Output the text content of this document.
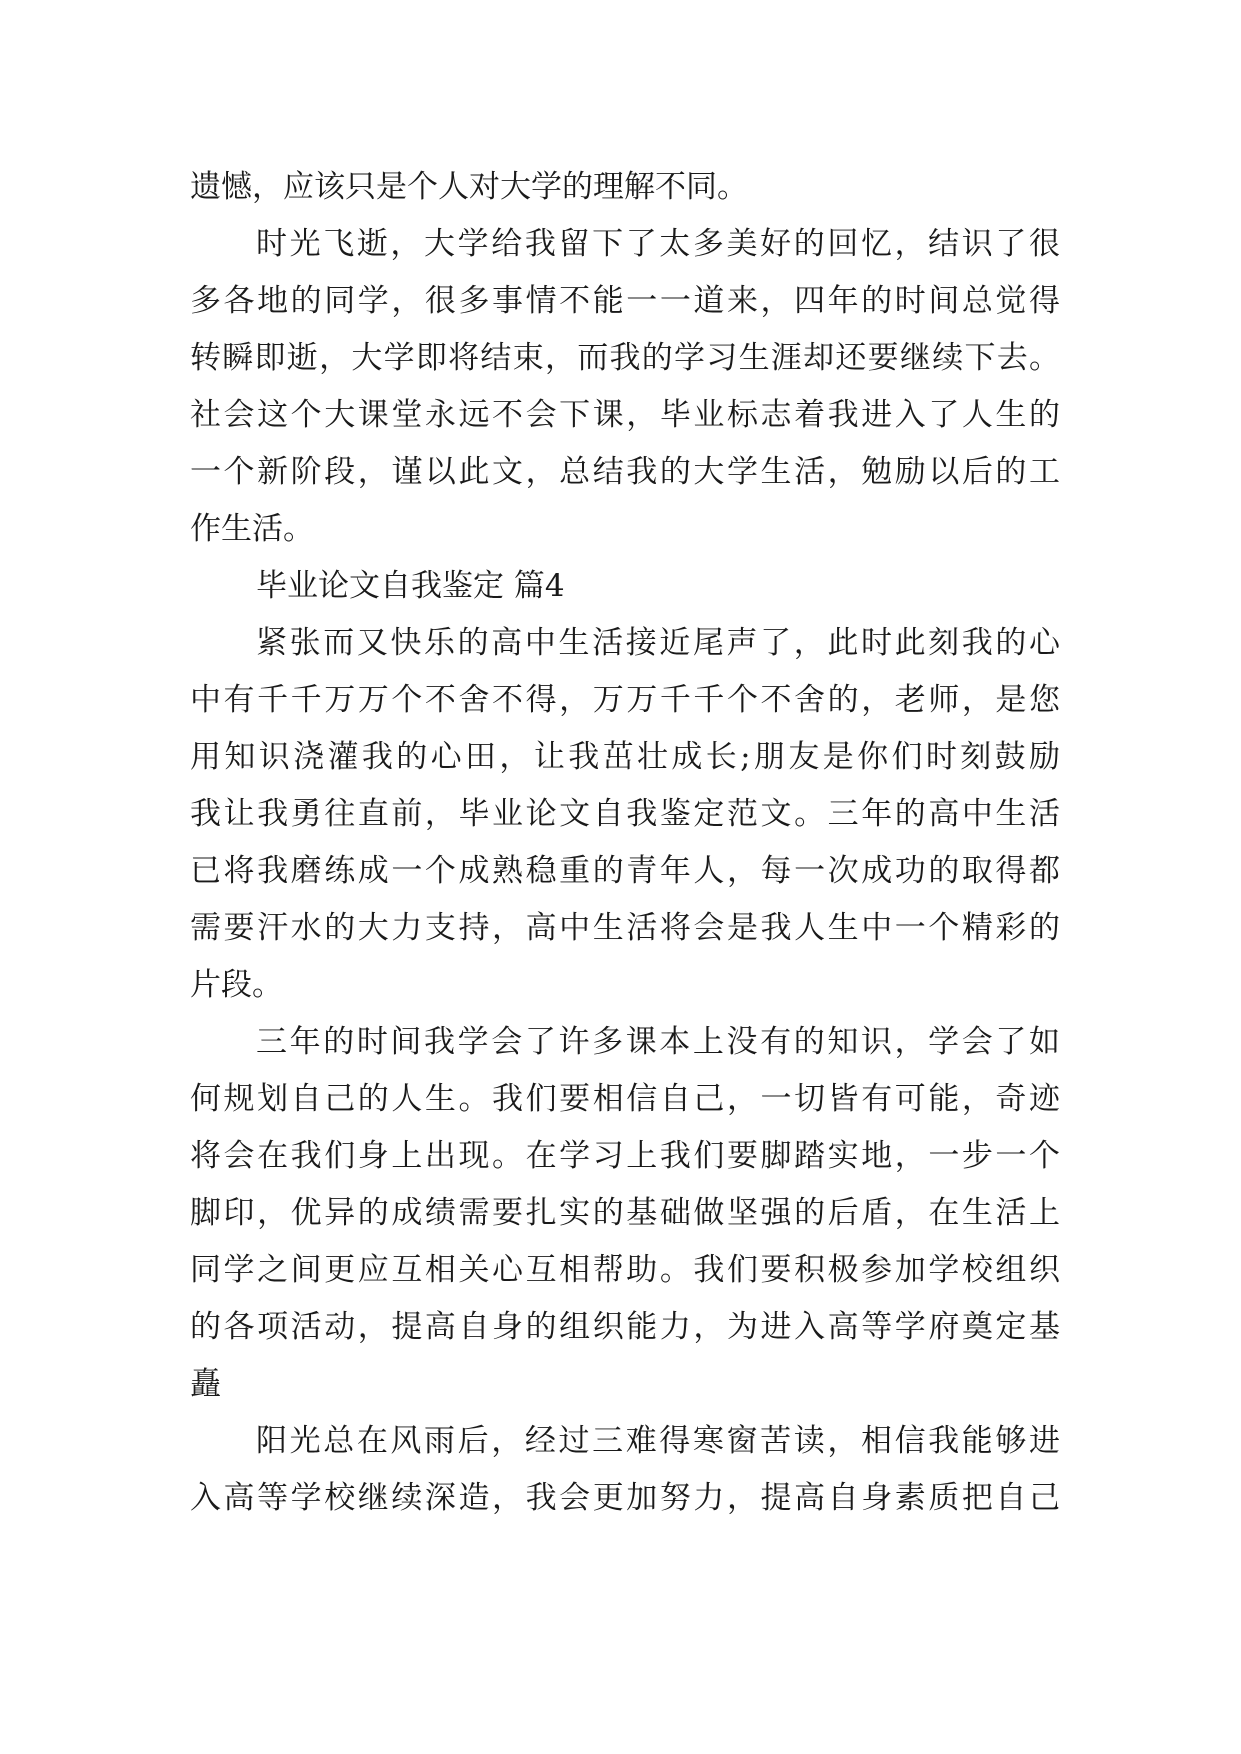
遗憾，应该只是个人对大学的理解不同。
时光飞逝，大学给我留下了太多美好的回忆，结识了很
多各地的同学，很多事情不能一一道来，四年的时间总觉得
转瞬即逝，大学即将结束，而我的学习生涯却还要继续下去。
社会这个大课堂永远不会下课，毕业标志着我进入了人生的
一个新阶段，谨以此文，总结我的大学生活，勉励以后的工
作生活。
毕业论文自我鉴定 篇4
紧张而又快乐的高中生活接近尾声了，此时此刻我的心
中有千千万万个不舍不得，万万千千个不舍的，老师，是您
用知识浇灌我的心田，让我茁壮成长;朋友是你们时刻鼓励
我让我勇往直前，毕业论文自我鉴定范文。三年的高中生活
已将我磨练成一个成熟稳重的青年人，每一次成功的取得都
需要汗水的大力支持，高中生活将会是我人生中一个精彩的
片段。
三年的时间我学会了许多课本上没有的知识，学会了如
何规划自己的人生。我们要相信自己，一切皆有可能，奇迹
将会在我们身上出现。在学习上我们要脚踏实地，一步一个
脚印，优异的成绩需要扎实的基础做坚强的后盾，在生活上
同学之间更应互相关心互相帮助。我们要积极参加学校组织
的各项活动，提高自身的组织能力，为进入高等学府奠定基
矗
阳光总在风雨后，经过三难得寒窗苦读，相信我能够进
入高等学校继续深造，我会更加努力，提高自身素质把自己
